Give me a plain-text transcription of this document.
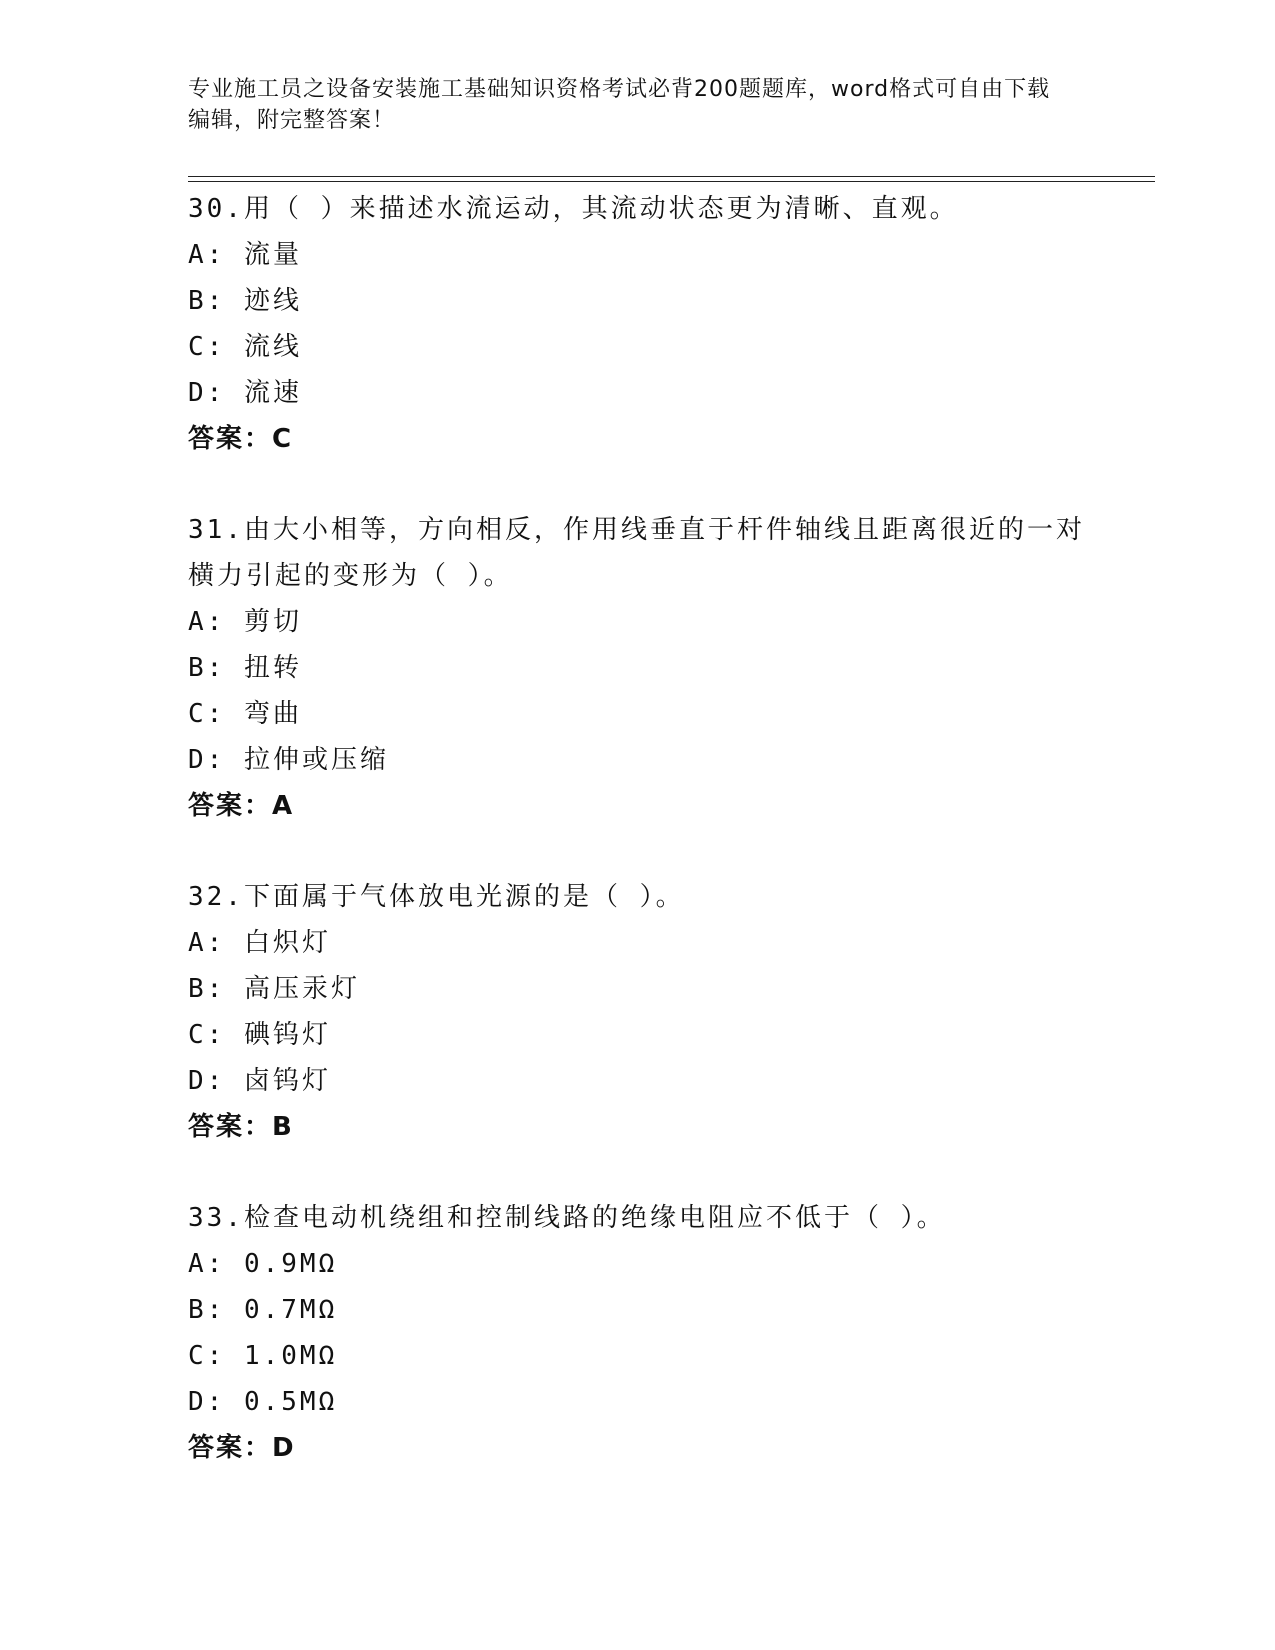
专业施工员之设备安装施工基础知识资格考试必背200题题库，word格式可自由下载编辑，附完整答案！
30.用（ ）来描述水流运动，其流动状态更为清晰、直观。
A: 流量
B: 迹线
C: 流线
D: 流速
答案：C
31.由大小相等，方向相反，作用线垂直于杆件轴线且距离很近的一对横力引起的变形为（ ）。
A: 剪切
B: 扭转
C: 弯曲
D: 拉伸或压缩
答案：A
32.下面属于气体放电光源的是（ ）。
A: 白炽灯
B: 高压汞灯
C: 碘钨灯
D: 卤钨灯
答案：B
33.检查电动机绕组和控制线路的绝缘电阻应不低于（ ）。
A: 0.9MΩ
B: 0.7MΩ
C: 1.0MΩ
D: 0.5MΩ
答案：D
